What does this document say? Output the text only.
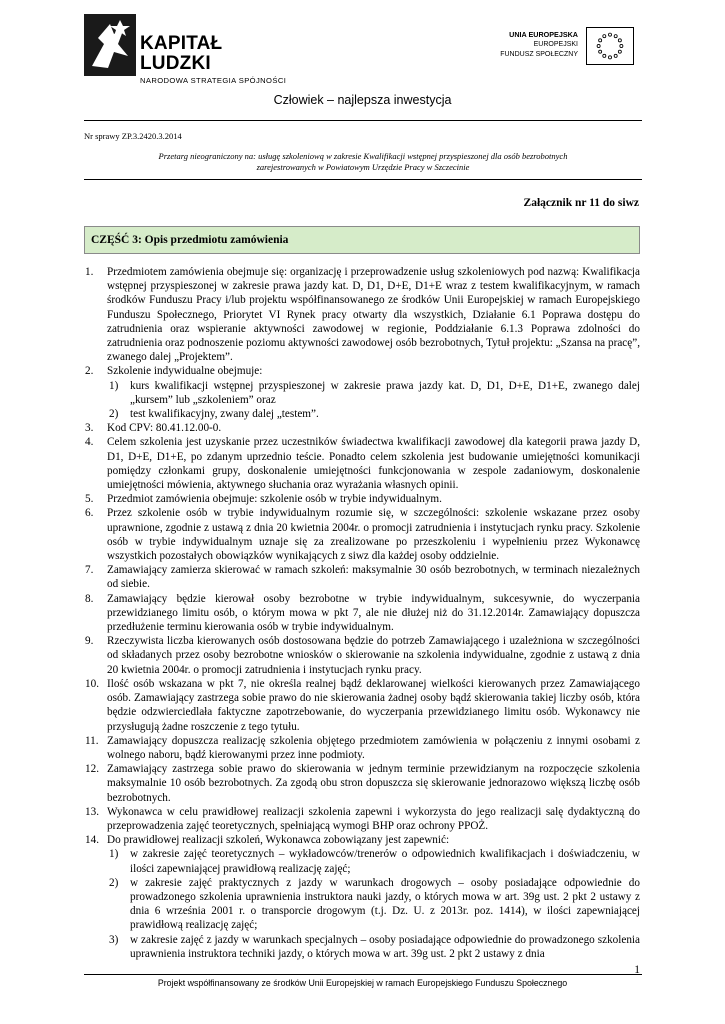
KAPITAŁ LUDZKI
NARODOWA STRATEGIA SPÓJNOŚCI
UNIA EUROPEJSKA
EUROPEJSKI
FUNDUSZ SPOŁECZNY
Człowiek – najlepsza inwestycja
Nr sprawy ZP.3.2420.3.2014
Przetarg nieograniczony na: usługę szkoleniową w zakresie Kwalifikacji wstępnej przyspieszonej dla osób bezrobotnych
zarejestrowanych w Powiatowym Urzędzie Pracy w Szczecinie
Załącznik nr 11 do siwz
CZĘŚĆ 3: Opis przedmiotu zamówienia
1. Przedmiotem zamówienia obejmuje się: organizację i przeprowadzenie usług szkoleniowych pod nazwą: Kwalifikacja wstępnej przyspieszonej w zakresie prawa jazdy kat. D, D1, D+E, D1+E wraz z testem kwalifikacyjnym, w ramach środków Funduszu Pracy i/lub projektu współfinansowanego ze środków Unii Europejskiej w ramach Europejskiego Funduszu Społecznego, Priorytet VI Rynek pracy otwarty dla wszystkich, Działanie 6.1 Poprawa dostępu do zatrudnienia oraz wspieranie aktywności zawodowej w regionie, Poddziałanie 6.1.3 Poprawa zdolności do zatrudnienia oraz podnoszenie poziomu aktywności zawodowej osób bezrobotnych, Tytuł projektu: „Szansa na pracę”, zwanego dalej „Projektem”.
2. Szkolenie indywidualne obejmuje:
1) kurs kwalifikacji wstępnej przyspieszonej w zakresie prawa jazdy kat. D, D1, D+E, D1+E, zwanego dalej „kursem” lub „szkoleniem” oraz
2) test kwalifikacyjny, zwany dalej „testem”.
3. Kod CPV: 80.41.12.00-0.
4. Celem szkolenia jest uzyskanie przez uczestników świadectwa kwalifikacji zawodowej dla kategorii prawa jazdy D, D1, D+E, D1+E, po zdanym uprzednio teście. Ponadto celem szkolenia jest budowanie umiejętności komunikacji pomiędzy członkami grupy, doskonalenie umiejętności funkcjonowania w zespole zadaniowym, doskonalenie umiejętności mówienia, aktywnego słuchania oraz wyrażania własnych opinii.
5. Przedmiot zamówienia obejmuje: szkolenie osób w trybie indywidualnym.
6. Przez szkolenie osób w trybie indywidualnym rozumie się, w szczególności: szkolenie wskazane przez osoby uprawnione, zgodnie z ustawą z dnia 20 kwietnia 2004r. o promocji zatrudnienia i instytucjach rynku pracy. Szkolenie osób w trybie indywidualnym uznaje się za zrealizowane po przeszkoleniu i wypełnieniu przez Wykonawcę wszystkich pozostałych obowiązków wynikających z siwz dla każdej osoby oddzielnie.
7. Zamawiający zamierza skierować w ramach szkoleń: maksymalnie 30 osób bezrobotnych, w terminach niezależnych od siebie.
8. Zamawiający będzie kierował osoby bezrobotne w trybie indywidualnym, sukcesywnie, do wyczerpania przewidzianego limitu osób, o którym mowa w pkt 7, ale nie dłużej niż do 31.12.2014r. Zamawiający dopuszcza przedłużenie terminu kierowania osób w trybie indywidualnym.
9. Rzeczywista liczba kierowanych osób dostosowana będzie do potrzeb Zamawiającego i uzależniona w szczególności od składanych przez osoby bezrobotne wniosków o skierowanie na szkolenia indywidualne, zgodnie z ustawą z dnia 20 kwietnia 2004r. o promocji zatrudnienia i instytucjach rynku pracy.
10. Ilość osób wskazana w pkt 7, nie określa realnej bądź deklarowanej wielkości kierowanych przez Zamawiającego osób. Zamawiający zastrzega sobie prawo do nie skierowania żadnej osoby bądź skierowania takiej liczby osób, która będzie odzwierciedlała faktyczne zapotrzebowanie, do wyczerpania przewidzianego limitu osób. Wykonawcy nie przysługują żadne roszczenie z tego tytułu.
11. Zamawiający dopuszcza realizację szkolenia objętego przedmiotem zamówienia w połączeniu z innymi osobami z wolnego naboru, bądź kierowanymi przez inne podmioty.
12. Zamawiający zastrzega sobie prawo do skierowania w jednym terminie przewidzianym na rozpoczęcie szkolenia maksymalnie 10 osób bezrobotnych. Za zgodą obu stron dopuszcza się skierowanie jednorazowo większą liczbę osób bezrobotnych.
13. Wykonawca w celu prawidłowej realizacji szkolenia zapewni i wykorzysta do jego realizacji salę dydaktyczną do przeprowadzenia zajęć teoretycznych, spełniającą wymogi BHP oraz ochrony PPOŻ.
14. Do prawidłowej realizacji szkoleń, Wykonawca zobowiązany jest zapewnić:
1) w zakresie zajęć teoretycznych – wykładowców/trenerów o odpowiednich kwalifikacjach i doświadczeniu, w ilości zapewniającej prawidłową realizację zajęć;
2) w zakresie zajęć praktycznych z jazdy w warunkach drogowych – osoby posiadające odpowiednie do prowadzonego szkolenia uprawnienia instruktora nauki jazdy, o których mowa w art. 39g ust. 2 pkt 2 ustawy z dnia 6 września 2001 r. o transporcie drogowym (t.j. Dz. U. z 2013r. poz. 1414), w ilości zapewniającej prawidłową realizację zajęć;
3) w zakresie zajęć z jazdy w warunkach specjalnych – osoby posiadające odpowiednie do prowadzonego szkolenia uprawnienia instruktora techniki jazdy, o których mowa w art. 39g ust. 2 pkt 2 ustawy z dnia
1
Projekt współfinansowany ze środków Unii Europejskiej w ramach Europejskiego Funduszu Społecznego
